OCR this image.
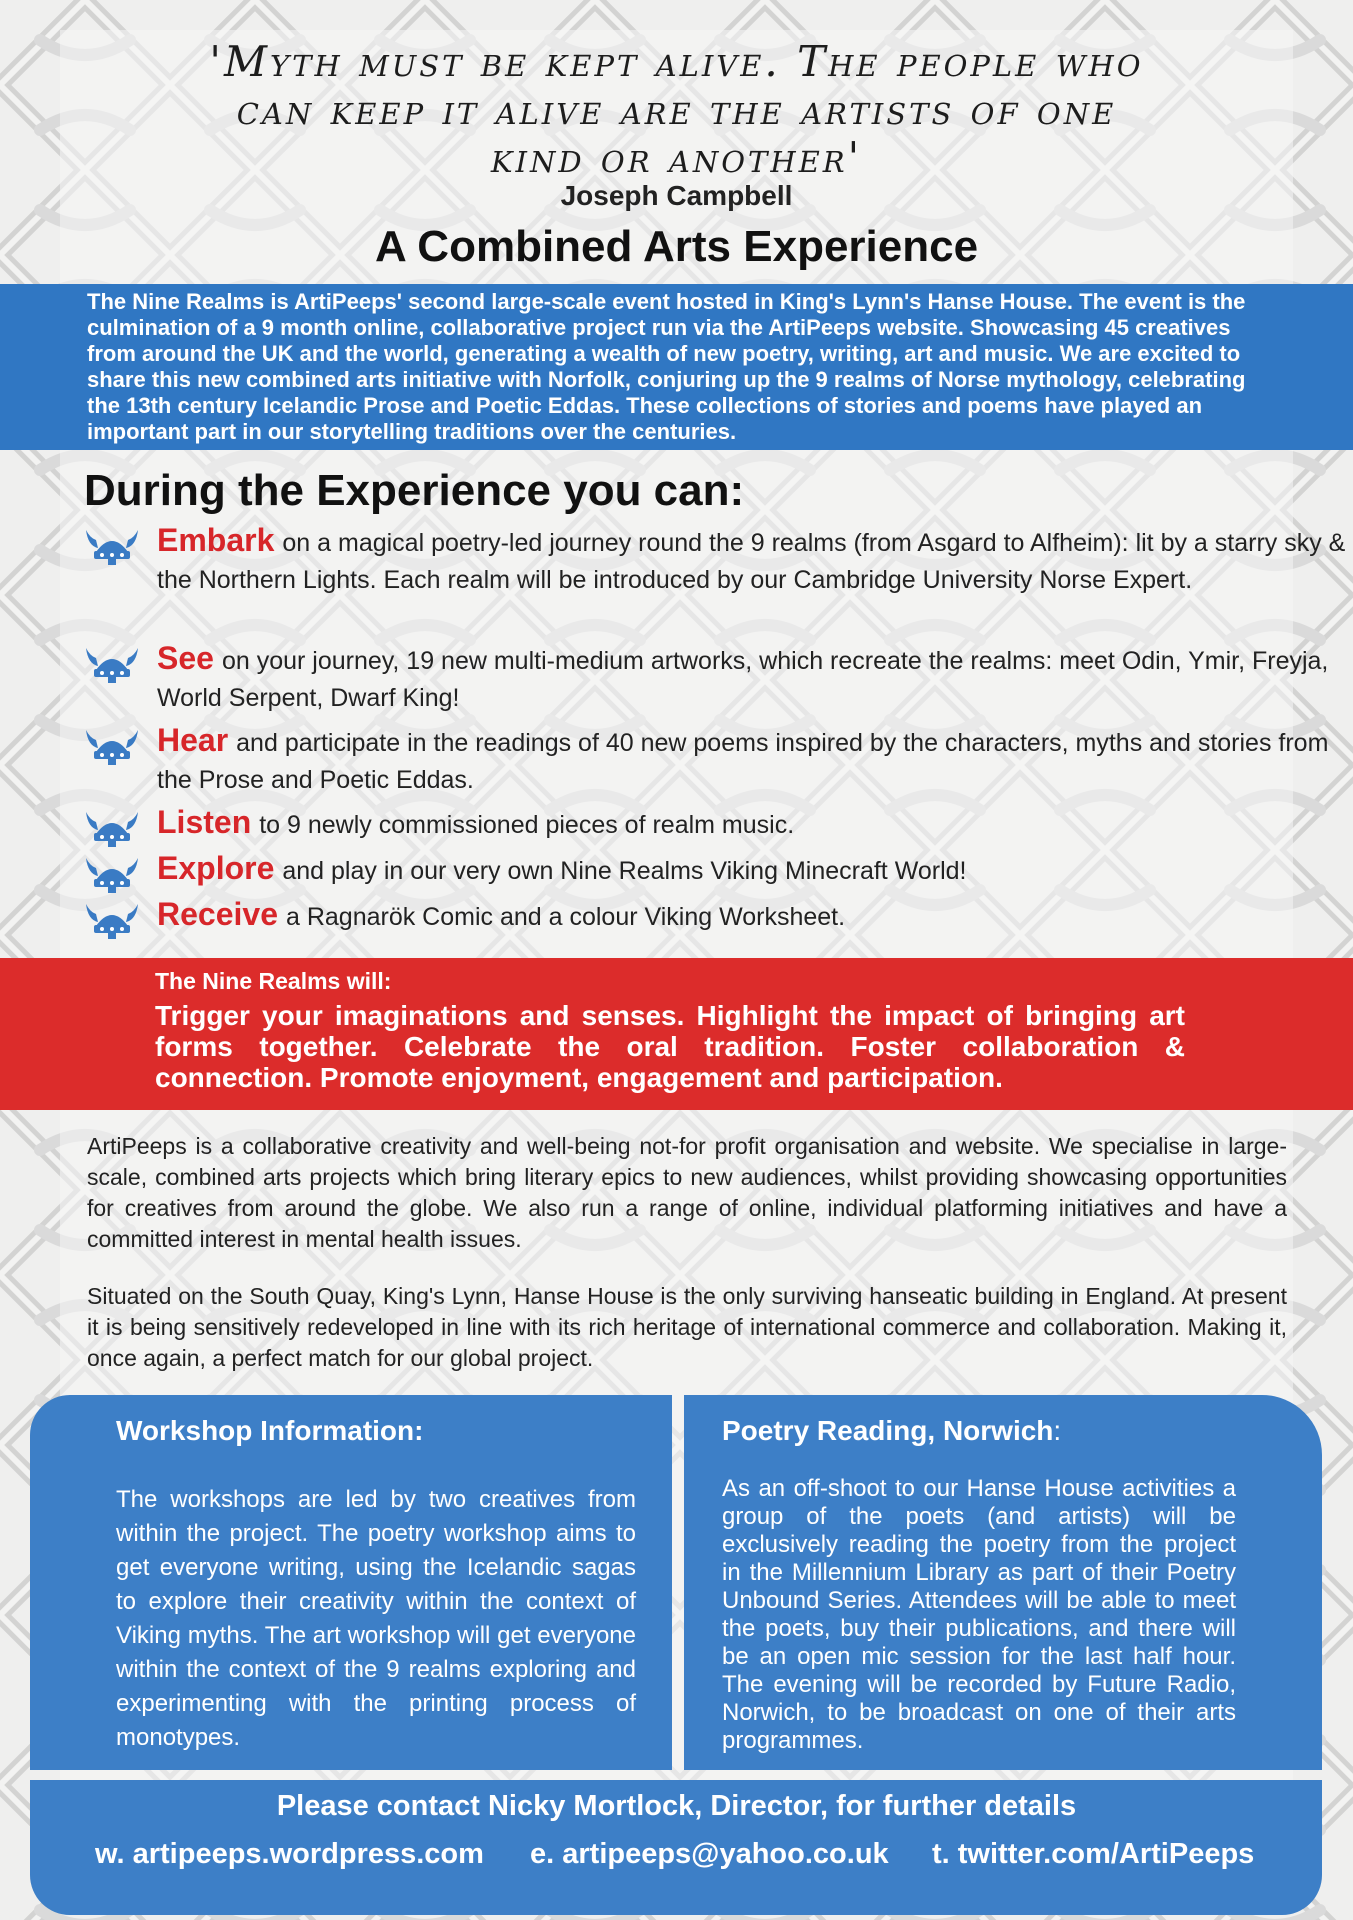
'Myth must be kept alive. The people who
can keep it alive are the artists of one
kind or another'
Joseph Campbell
A Combined Arts Experience
The Nine Realms is ArtiPeeps' second large-scale event hosted in King's Lynn's Hanse House. The event is the culmination of a 9 month online, collaborative project run via the ArtiPeeps website. Showcasing 45 creatives from around the UK and the world, generating a wealth of new poetry, writing, art and music. We are excited to share this new combined arts initiative with Norfolk, conjuring up the 9 realms of Norse mythology, celebrating the 13th century Icelandic Prose and Poetic Eddas. These collections of stories and poems have played an important part in our storytelling traditions over the centuries.
During the Experience you can:
Embark on a magical poetry-led journey round the 9 realms (from Asgard to Alfheim): lit by a starry sky & the Northern Lights. Each realm will be introduced by our Cambridge University Norse Expert.
See on your journey, 19 new multi-medium artworks, which recreate the realms: meet Odin, Ymir, Freyja, World Serpent, Dwarf King!
Hear and participate in the readings of 40 new poems inspired by the characters, myths and stories from the Prose and Poetic Eddas.
Listen to 9 newly commissioned pieces of realm music.
Explore and play in our very own Nine Realms Viking Minecraft World!
Receive a Ragnarök Comic and a colour Viking Worksheet.
The Nine Realms will:
Trigger your imaginations and senses. Highlight the impact of bringing art forms together. Celebrate the oral tradition. Foster collaboration & connection. Promote enjoyment, engagement and participation.
ArtiPeeps is a collaborative creativity and well-being not-for profit organisation and website. We specialise in large-scale, combined arts projects which bring literary epics to new audiences, whilst providing showcasing opportunities for creatives from around the globe. We also run a range of online, individual platforming initiatives and have a committed interest in mental health issues.
Situated on the South Quay, King's Lynn, Hanse House is the only surviving hanseatic building in England. At present it is being sensitively redeveloped in line with its rich heritage of international commerce and collaboration. Making it, once again, a perfect match for our global project.
Workshop Information:
The workshops are led by two creatives from within the project. The poetry workshop aims to get everyone writing, using the Icelandic sagas to explore their creativity within the context of Viking myths. The art workshop will get everyone within the context of the 9 realms exploring and experimenting with the printing process of monotypes.
Poetry Reading, Norwich:
As an off-shoot to our Hanse House activities a group of the poets (and artists) will be exclusively reading the poetry from the project in the Millennium Library as part of their Poetry Unbound Series. Attendees will be able to meet the poets, buy their publications, and there will be an open mic session for the last half hour. The evening will be recorded by Future Radio, Norwich, to be broadcast on one of their arts programmes.
Please contact Nicky Mortlock, Director, for further details
w. artipeeps.wordpress.com e. artipeeps@yahoo.co.uk t. twitter.com/ArtiPeeps
